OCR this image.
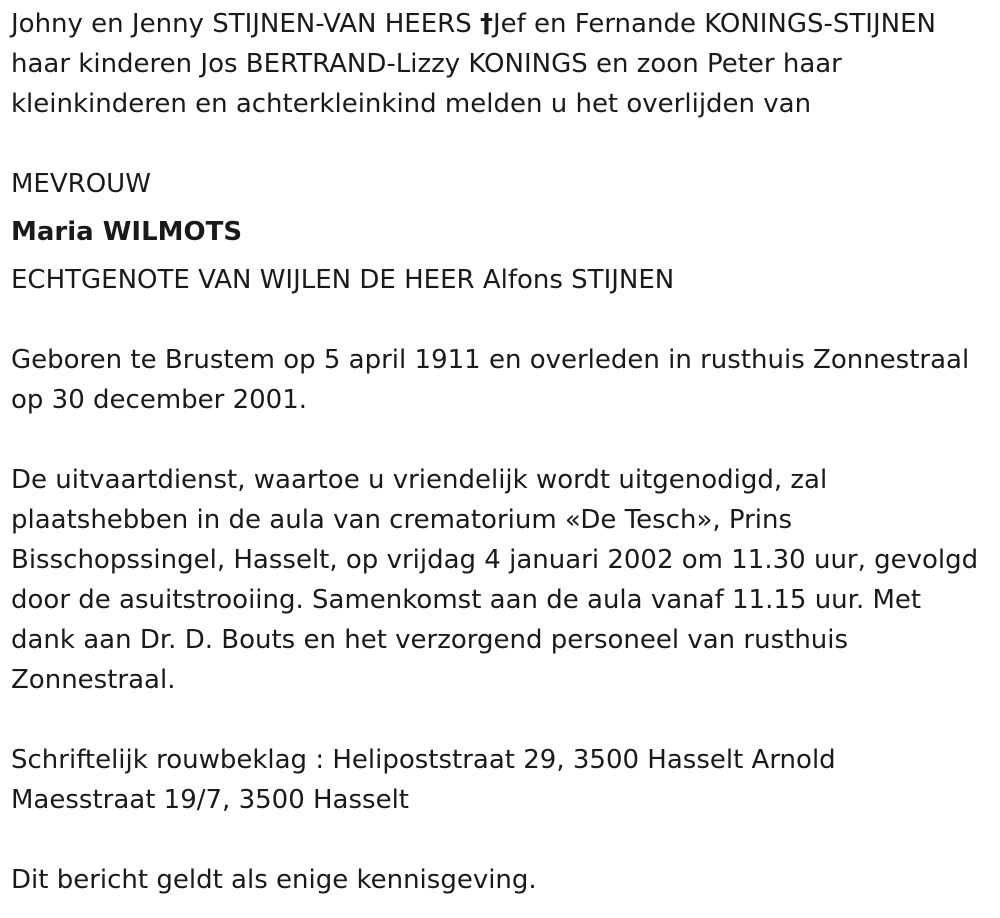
Johny en Jenny STIJNEN-VAN HEERS †Jef en Fernande KONINGS-STIJNEN

haar kinderen Jos BERTRAND-Lizzy KONINGS en zoon Peter haar

kleinkinderen en achterkleinkind melden u het overlijden van

MEVROUW

Maria WILMOTS

ECHTGENOTE VAN WIJLEN DE HEER Alfons STIJNEN

Geboren te Brustem op 5 april 1911 en overleden in rusthuis Zonnestraal

op 30 december 2001.

De uitvaartdienst, waartoe u vriendelijk wordt uitgenodigd, zal

plaatshebben in de aula van crematorium «De Tesch», Prins

Bisschopssingel, Hasselt, op vrijdag 4 januari 2002 om 11.30 uur, gevolgd

door de asuitstrooiing. Samenkomst aan de aula vanaf 11.15 uur. Met

dank aan Dr. D. Bouts en het verzorgend personeel van rusthuis

Zonnestraal.

Schriftelijk rouwbeklag : Helipoststraat 29, 3500 Hasselt Arnold

Maesstraat 19/7, 3500 Hasselt

Dit bericht geldt als enige kennisgeving.
